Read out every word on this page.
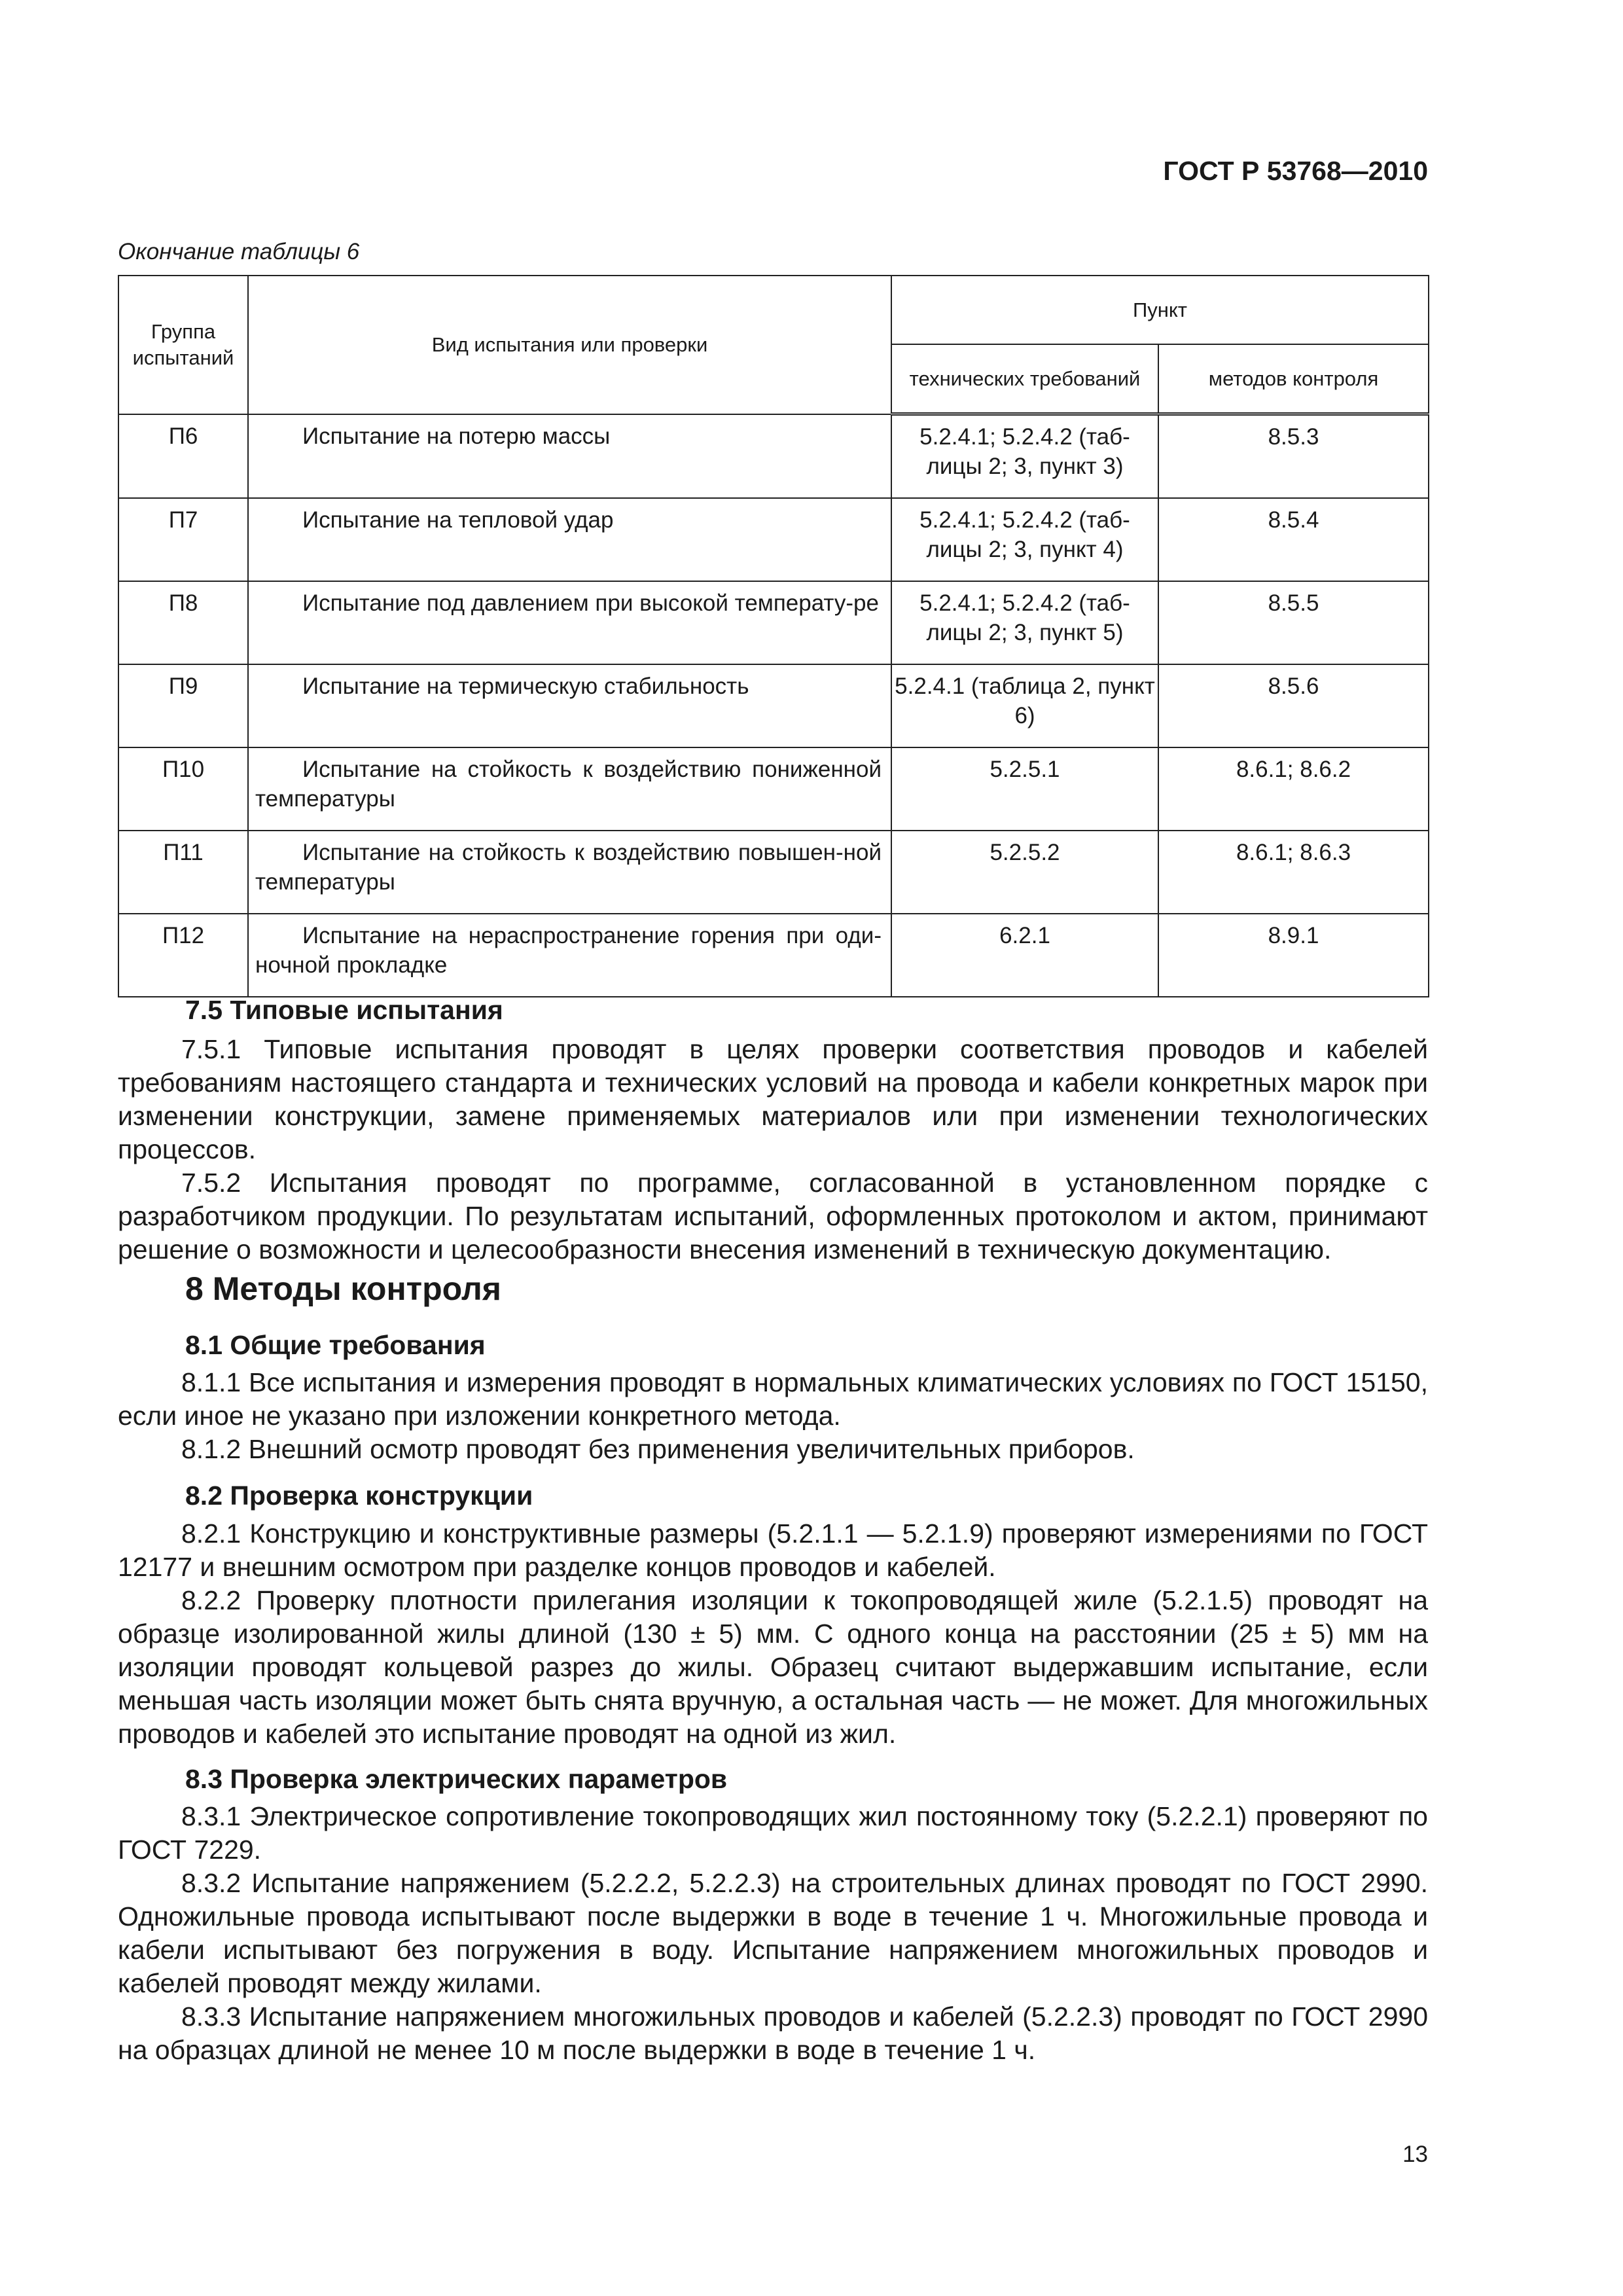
ГОСТ Р 53768—2010
Окончание таблицы 6
Группа испытаний	Вид испытания или проверки	Пункт	
		технических требований	методов контроля
П6	Испытание на потерю массы	5.2.4.1; 5.2.4.2 (таб-лицы 2; 3, пункт 3)	8.5.3
П7	Испытание на тепловой удар	5.2.4.1; 5.2.4.2 (таб-лицы 2; 3, пункт 4)	8.5.4
П8	Испытание под давлением при высокой температу-ре	5.2.4.1; 5.2.4.2 (таб-лицы 2; 3, пункт 5)	8.5.5
П9	Испытание на термическую стабильность	5.2.4.1 (таблица 2, пункт 6)	8.5.6
П10	Испытание на стойкость к воздействию пониженной температуры	5.2.5.1	8.6.1; 8.6.2
П11	Испытание на стойкость к воздействию повышен-ной температуры	5.2.5.2	8.6.1; 8.6.3
П12	Испытание на нераспространение горения при оди-ночной прокладке	6.2.1	8.9.1
7.5 Типовые испытания

7.5.1 Типовые испытания проводят в целях проверки соответствия проводов и кабелей требованиям настоящего стандарта и технических условий на провода и кабели конкретных марок при изменении конструкции, замене применяемых материалов или при изменении технологических процессов.

7.5.2 Испытания проводят по программе, согласованной в установленном порядке с разработчиком продукции. По результатам испытаний, оформленных протоколом и актом, принимают решение о возможности и целесообразности внесения изменений в техническую документацию.

8 Методы контроля
8.1 Общие требования

8.1.1 Все испытания и измерения проводят в нормальных климатических условиях по ГОСТ 15150, если иное не указано при изложении конкретного метода.

8.1.2 Внешний осмотр проводят без применения увеличительных приборов.

8.2 Проверка конструкции

8.2.1 Конструкцию и конструктивные размеры (5.2.1.1 — 5.2.1.9) проверяют измерениями по ГОСТ 12177 и внешним осмотром при разделке концов проводов и кабелей.

8.2.2 Проверку плотности прилегания изоляции к токопроводящей жиле (5.2.1.5) проводят на образце изолированной жилы длиной (130 ± 5) мм. С одного конца на расстоянии (25 ± 5) мм на изоляции проводят кольцевой разрез до жилы. Образец считают выдержавшим испытание, если меньшая часть изоляции может быть снята вручную, а остальная часть — не может. Для многожильных проводов и кабелей это испытание проводят на одной из жил.

8.3 Проверка электрических параметров

8.3.1 Электрическое сопротивление токопроводящих жил постоянному току (5.2.2.1) проверяют по ГОСТ 7229.

8.3.2 Испытание напряжением (5.2.2.2, 5.2.2.3) на строительных длинах проводят по ГОСТ 2990. Одножильные провода испытывают после выдержки в воде в течение 1 ч. Многожильные провода и кабели испытывают без погружения в воду. Испытание напряжением многожильных проводов и кабелей проводят между жилами.

8.3.3 Испытание напряжением многожильных проводов и кабелей (5.2.2.3) проводят по ГОСТ 2990 на образцах длиной не менее 10 м после выдержки в воде в течение 1 ч.

13
